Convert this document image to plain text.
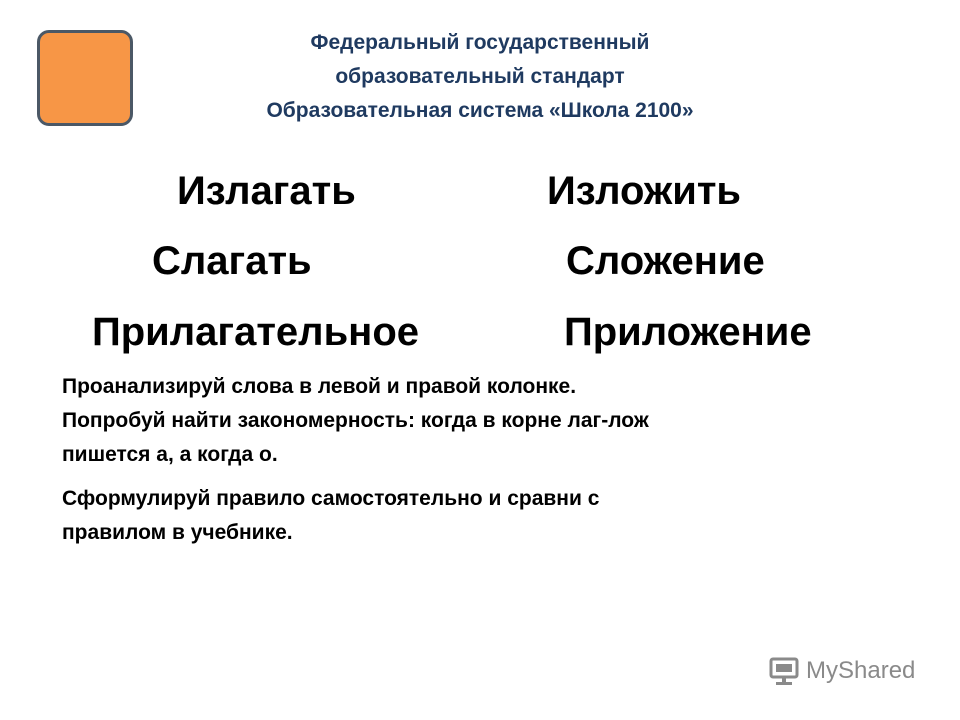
Федеральный государственный
образовательный стандарт
Образовательная система «Школа 2100»
Излагать	Изложить
Слагать	Сложение
Прилагательное	Приложение
Проанализируй слова в левой и правой колонке.
Попробуй найти закономерность: когда в корне лаг-лож
пишется а, а когда о.
Сформулируй правило самостоятельно и сравни с
правилом в учебнике.
MyShared
